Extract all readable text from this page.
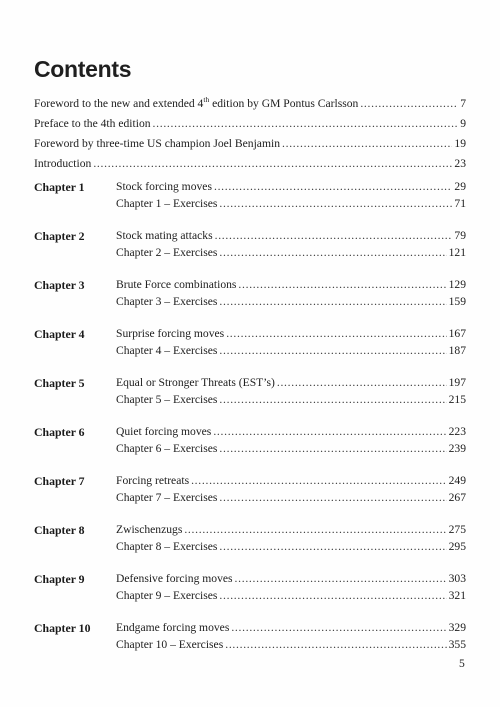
Contents
Foreword to the new and extended 4th edition by GM Pontus Carlsson . . .	7
Preface to the 4th edition . . .	9
Foreword by three-time US champion Joel Benjamin . . .	19
Introduction . . .	23
Chapter 1	Stock forcing moves . . .	29
Chapter 1 – Exercises . . .	71
Chapter 2	Stock mating attacks . . .	79
Chapter 2 – Exercises . . .	121
Chapter 3	Brute Force combinations . . .	129
Chapter 3 – Exercises . . .	159
Chapter 4	Surprise forcing moves . . .	167
Chapter 4 – Exercises . . .	187
Chapter 5	Equal or Stronger Threats (EST’s) . . .	197
Chapter 5 – Exercises . . .	215
Chapter 6	Quiet forcing moves . . .	223
Chapter 6 – Exercises . . .	239
Chapter 7	Forcing retreats . . .	249
Chapter 7 – Exercises . . .	267
Chapter 8	Zwischenzugs . . .	275
Chapter 8 – Exercises . . .	295
Chapter 9	Defensive forcing moves . . .	303
Chapter 9 – Exercises . . .	321
Chapter 10 Endgame forcing moves . . .	329
Chapter 10 – Exercises . . .	355
5
